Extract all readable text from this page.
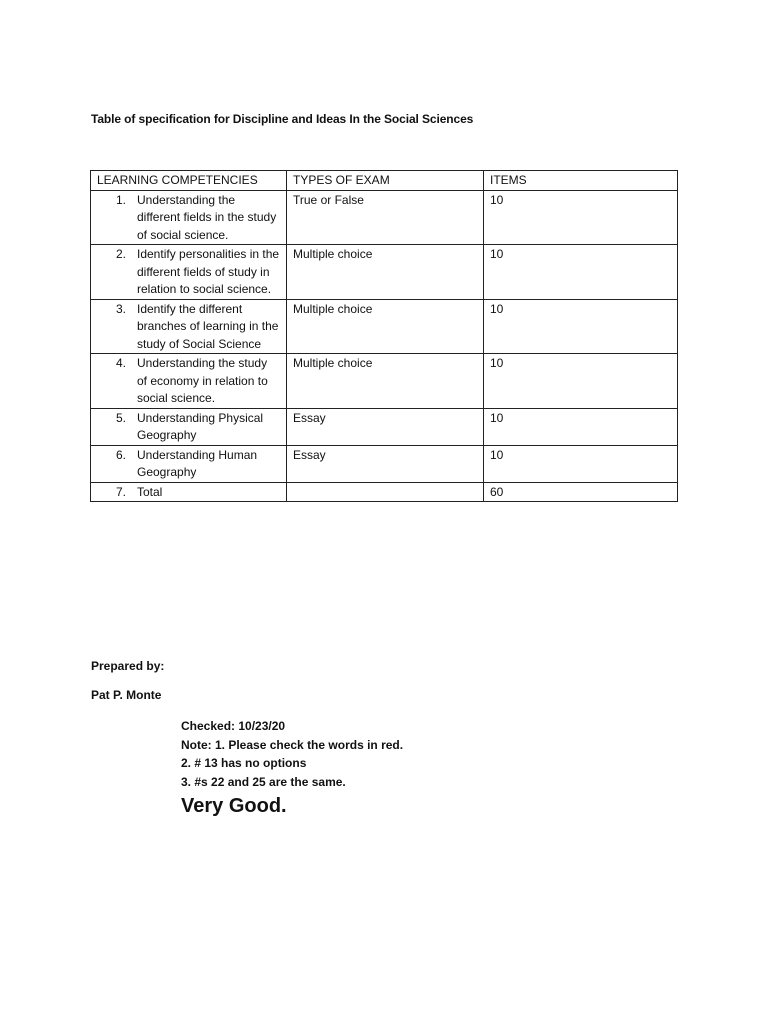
Table of specification for Discipline and Ideas In the Social Sciences
LEARNING COMPETENCIES	TYPES OF EXAM	ITEMS

1. Understanding the different fields in the study of social science.	True or False	10

2. Identify personalities in the different fields of study in relation to social science.	Multiple choice	10

3. Identify the different branches of learning in the study of Social Science	Multiple choice	10

4. Understanding the study of economy in relation to social science.	Multiple choice	10

5. Understanding Physical Geography	Essay	10

6. Understanding Human Geography	Essay	10

7. Total		60
Prepared by:
Pat P. Monte
Checked: 10/23/20
Note: 1. Please check the words in red.
2. # 13 has no options
3. #s 22 and 25 are the same.
Very Good.
